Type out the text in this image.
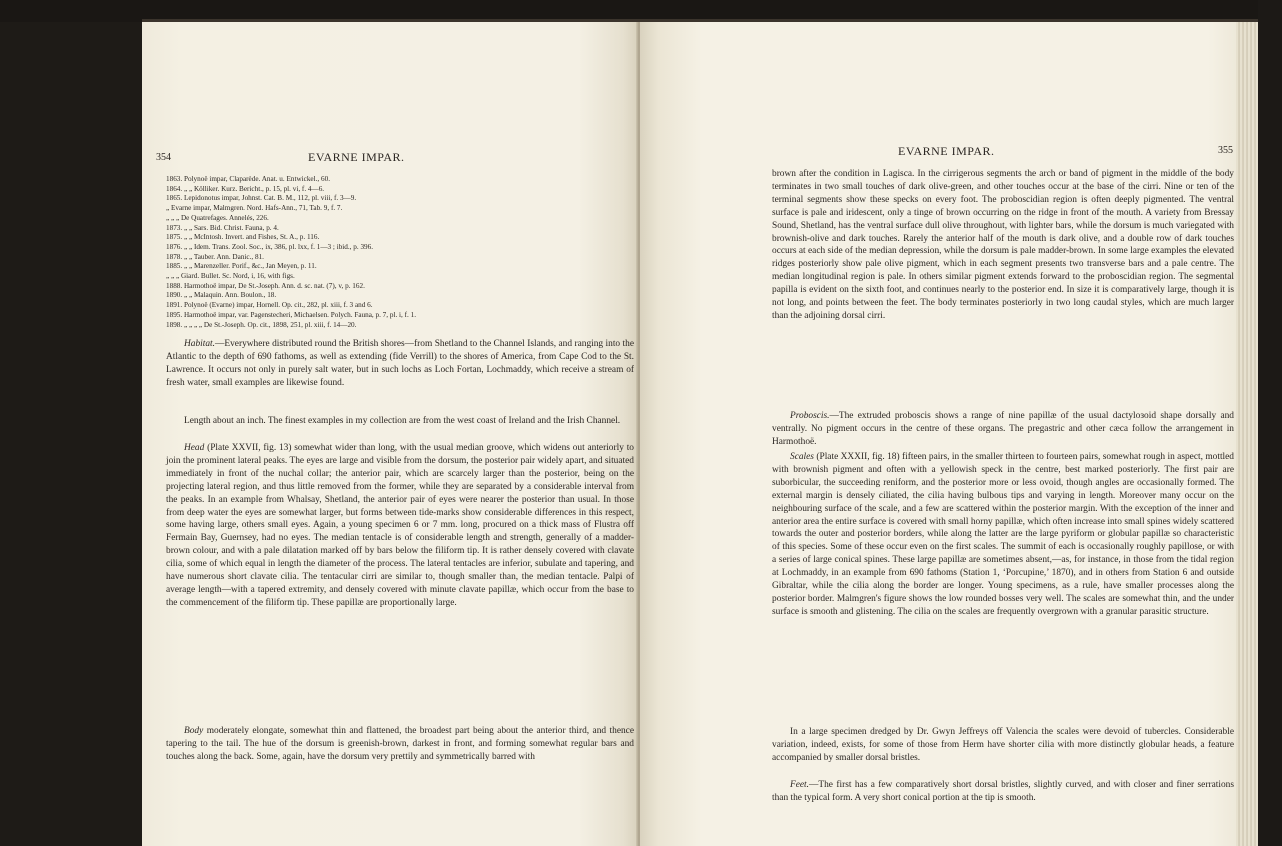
354	EVARNE IMPAR.
1863. Polynoë impar, Claparède. Anat. u. Entwickel., 60.
1864. „ „ Kölliker. Kurz. Bericht., p. 15, pl. vi, f. 4—6.
1865. Lepidonotus impar, Johnst. Cat. B. M., 112, pl. viii, f. 3—9.
„ Evarne impar, Malmgren. Nord. Hafs-Ann., 71, Tab. 9, f. 7.
„ „ „ De Quatrefages. Annelés, 226.
1873. „ „ Sars. Bid. Christ. Fauna, p. 4.
1875. „ „ McIntosh. Invert. and Fishes, St. A., p. 116.
1876. „ „ Idem. Trans. Zool. Soc., ix, 386, pl. lxx, f. 1—3 ; ibid., p. 396.
1878. „ „ Tauber. Ann. Danic., 81.
1885. „ „ Marenzeller. Porif., &c., Jan Meyen, p. 11.
„ „ „ Giard. Bullet. Sc. Nord, i, 16, with figs.
1888. Harmothoë impar, De St.-Joseph. Ann. d. sc. nat. (7), v, p. 162.
1890. „ „ Malaquin. Ann. Boulon., 18.
1891. Polynoë (Evarne) impar, Hornell. Op. cit., 282, pl. xiii, f. 3 and 6.
1895. Harmothoë impar, var. Pagenstecheri, Michaelsen. Polych. Fauna, p. 7, pl. i, f. 1.
1898. „ „ „ „ De St.-Joseph. Op. cit., 1898, 251, pl. xiii, f. 14—20.

Habitat.—Everywhere distributed round the British shores—from Shetland to the Channel Islands, and ranging into the Atlantic to the depth of 690 fathoms, as well as extending (fide Verrill) to the shores of America, from Cape Cod to the St. Lawrence. It occurs not only in purely salt water, but in such lochs as Loch Fortan, Lochmaddy, which receive a stream of fresh water, small examples are likewise found.

Length about an inch. The finest examples in my collection are from the west coast of Ireland and the Irish Channel.

Head (Plate XXVII, fig. 13) somewhat wider than long, with the usual median groove, which widens out anteriorly to join the prominent lateral peaks. The eyes are large and visible from the dorsum, the posterior pair widely apart, and situated immediately in front of the nuchal collar; the anterior pair, which are scarcely larger than the posterior, being on the projecting lateral region, and thus little removed from the former, while they are separated by a considerable interval from the peaks. In an example from Whalsay, Shetland, the anterior pair of eyes were nearer the posterior than usual. In those from deep water the eyes are somewhat larger, but forms between tide-marks show considerable differences in this respect, some having large, others small eyes. Again, a young specimen 6 or 7 mm. long, procured on a thick mass of Flustra off Fermain Bay, Guernsey, had no eyes. The median tentacle is of considerable length and strength, generally of a madder-brown colour, and with a pale dilatation marked off by bars below the filiform tip. It is rather densely covered with clavate cilia, some of which equal in length the diameter of the process. The lateral tentacles are inferior, subulate and tapering, and have numerous short clavate cilia. The tentacular cirri are similar to, though smaller than, the median tentacle. Palpi of average length—with a tapered extremity, and densely covered with minute clavate papillæ, which occur from the base to the commencement of the filiform tip. These papillæ are proportionally large.

Body moderately elongate, somewhat thin and flattened, the broadest part being about the anterior third, and thence tapering to the tail. The hue of the dorsum is greenish-brown, darkest in front, and forming somewhat regular bars and touches along the back. Some, again, have the dorsum very prettily and symmetrically barred with

EVARNE IMPAR.	355

brown after the condition in Lagisca. In the cirrigerous segments the arch or band of pigment in the middle of the body terminates in two small touches of dark olive-green, and other touches occur at the base of the cirri. Nine or ten of the terminal segments show these specks on every foot. The proboscidian region is often deeply pigmented. The ventral surface is pale and iridescent, only a tinge of brown occurring on the ridge in front of the mouth. A variety from Bressay Sound, Shetland, has the ventral surface dull olive throughout, with lighter bars, while the dorsum is much variegated with brownish-olive and dark touches. Rarely the anterior half of the mouth is dark olive, and a double row of dark touches occurs at each side of the median depression, while the dorsum is pale madder-brown. In some large examples the elevated ridges posteriorly show pale olive pigment, which in each segment presents two transverse bars and a pale centre. The median longitudinal region is pale. In others similar pigment extends forward to the proboscidian region. The segmental papilla is evident on the sixth foot, and continues nearly to the posterior end. In size it is comparatively large, though it is not long, and points between the feet. The body terminates posteriorly in two long caudal styles, which are much larger than the adjoining dorsal cirri.

Proboscis.—The extruded proboscis shows a range of nine papillæ of the usual dactyloзoid shape dorsally and ventrally. No pigment occurs in the centre of these organs. The pregastric and other cæca follow the arrangement in Harmothoë.

Scales (Plate XXXII, fig. 18) fifteen pairs, in the smaller thirteen to fourteen pairs, somewhat rough in aspect, mottled with brownish pigment and often with a yellowish speck in the centre, best marked posteriorly. The first pair are suborbicular, the succeeding reniform, and the posterior more or less ovoid, though angles are occasionally formed. The external margin is densely ciliated, the cilia having bulbous tips and varying in length. Moreover many occur on the neighbouring surface of the scale, and a few are scattered within the posterior margin. With the exception of the inner and anterior area the entire surface is covered with small horny papillæ, which often increase into small spines widely scattered towards the outer and posterior borders, while along the latter are the large pyriform or globular papillæ so characteristic of this species. Some of these occur even on the first scales. The summit of each is occasionally roughly papillose, or with a series of large conical spines. These large papillæ are sometimes absent,—as, for instance, in those from the tidal region at Lochmaddy, in an example from 690 fathoms (Station 1, ‘Porcupine,’ 1870), and in others from Station 6 and outside Gibraltar, while the cilia along the border are longer. Young specimens, as a rule, have smaller processes along the posterior border. Malmgren's figure shows the low rounded bosses very well. The scales are somewhat thin, and the under surface is smooth and glistening. The cilia on the scales are frequently overgrown with a granular parasitic structure.

In a large specimen dredged by Dr. Gwyn Jeffreys off Valencia the scales were devoid of tubercles. Considerable variation, indeed, exists, for some of those from Herm have shorter cilia with more distinctly globular heads, a feature accompanied by smaller dorsal bristles.

Feet.—The first has a few comparatively short dorsal bristles, slightly curved, and with closer and finer serrations than the typical form. A very short conical portion at the tip is smooth.
